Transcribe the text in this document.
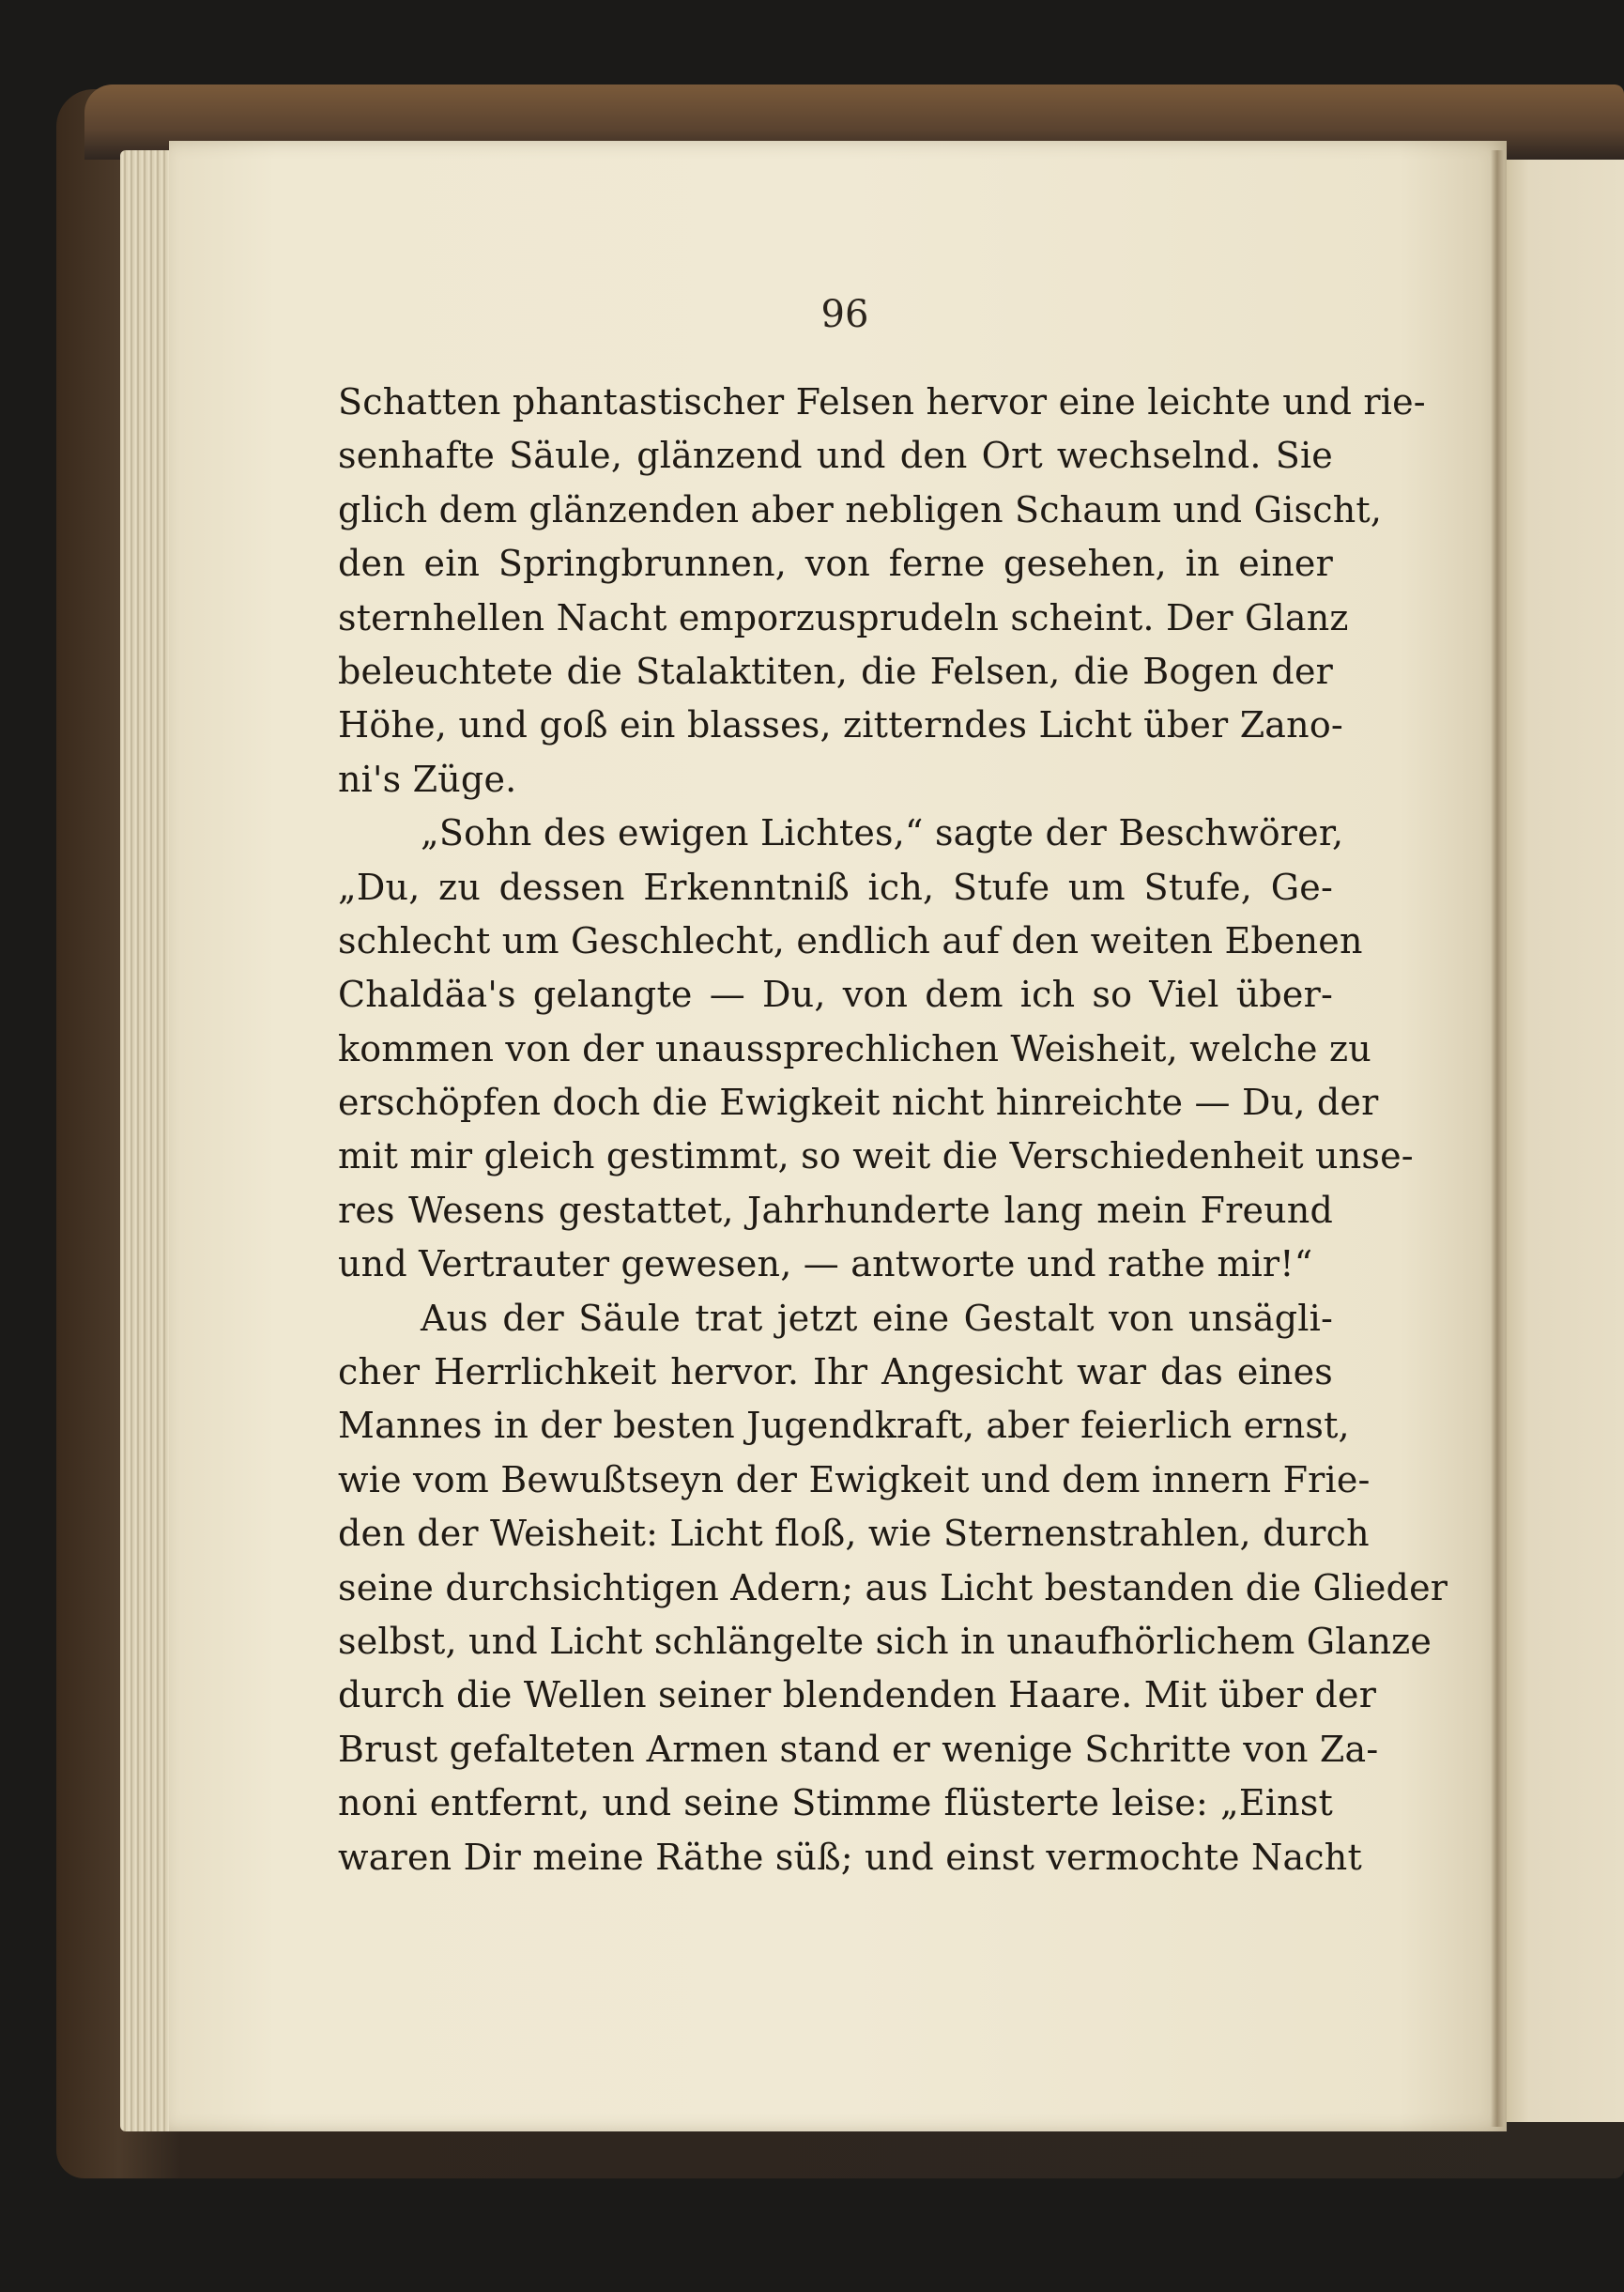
96
Schatten phantastischer Felsen hervor eine leichte und rie-
senhafte Säule, glänzend und den Ort wechselnd. Sie
glich dem glänzenden aber nebligen Schaum und Gischt,
den ein Springbrunnen, von ferne gesehen, in einer
sternhellen Nacht emporzusprudeln scheint. Der Glanz
beleuchtete die Stalaktiten, die Felsen, die Bogen der
Höhe, und goß ein blasses, zitterndes Licht über Zano-
ni's Züge.
„Sohn des ewigen Lichtes,“ sagte der Beschwörer,
„Du, zu dessen Erkenntniß ich, Stufe um Stufe, Ge-
schlecht um Geschlecht, endlich auf den weiten Ebenen
Chaldäa's gelangte — Du, von dem ich so Viel über-
kommen von der unaussprechlichen Weisheit, welche zu
erschöpfen doch die Ewigkeit nicht hinreichte — Du, der
mit mir gleich gestimmt, so weit die Verschiedenheit unse-
res Wesens gestattet, Jahrhunderte lang mein Freund
und Vertrauter gewesen, — antworte und rathe mir!“
Aus der Säule trat jetzt eine Gestalt von unsägli-
cher Herrlichkeit hervor. Ihr Angesicht war das eines
Mannes in der besten Jugendkraft, aber feierlich ernst,
wie vom Bewußtseyn der Ewigkeit und dem innern Frie-
den der Weisheit: Licht floß, wie Sternenstrahlen, durch
seine durchsichtigen Adern; aus Licht bestanden die Glieder
selbst, und Licht schlängelte sich in unaufhörlichem Glanze
durch die Wellen seiner blendenden Haare. Mit über der
Brust gefalteten Armen stand er wenige Schritte von Za-
noni entfernt, und seine Stimme flüsterte leise: „Einst
waren Dir meine Räthe süß; und einst vermochte Nacht
